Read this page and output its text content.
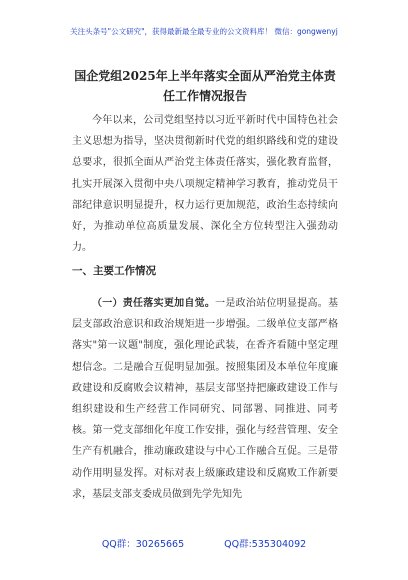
关注头条号"公文研究"，获得最新最全最专业的公文资料库！ 微信：gongwenyj
国企党组2025年上半年落实全面从严治党主体责任工作情况报告
今年以来，公司党组坚持以习近平新时代中国特色社会主义思想为指导，坚决贯彻新时代党的组织路线和党的建设总要求，很抓全面从严治党主体责任落实，强化教育监督，扎实开展深入贯彻中央八项规定精神学习教育，推动党员干部纪律意识明显提升，权力运行更加规范，政治生态持续向好，为推动单位高质量发展、深化全方位转型注入强劲动力。
一、主要工作情况
（一）责任落实更加自觉。一是政治站位明显提高。基层支部政治意识和政治规矩进一步增强。二级单位支部严格落实"第一议题"制度，强化理论武装，在香齐看随中坚定理想信念。二是融合互促明显加强。按照集团及本单位年度廉政建设和反腐败会议精神，基层支部坚持把廉政建设工作与组织建设和生产经营工作同研究、同部署、同推进、同考核。第一党支部细化年度工作安排，强化与经营管理、安全生产有机融合，推动廉政建设与中心工作融合互促。三是带动作用明显发挥。对标对表上级廉政建设和反腐败工作新要求，基层支部支委成员做到先学先知先
QQ群：30265665	QQ群:535304092
